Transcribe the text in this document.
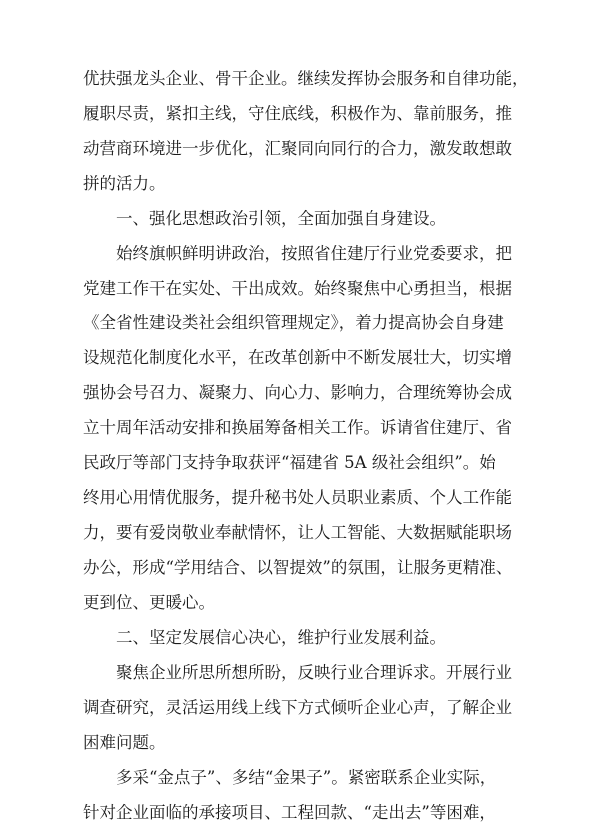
优扶强龙头企业、骨干企业。继续发挥协会服务和自律功能，
履职尽责，紧扣主线，守住底线，积极作为、靠前服务，推
动营商环境进一步优化，汇聚同向同行的合力，激发敢想敢
拼的活力。
　　一、强化思想政治引领，全面加强自身建设。
　　始终旗帜鲜明讲政治，按照省住建厅行业党委要求，把
党建工作干在实处、干出成效。始终聚焦中心勇担当，根据
《全省性建设类社会组织管理规定》，着力提高协会自身建
设规范化制度化水平，在改革创新中不断发展壮大，切实增
强协会号召力、凝聚力、向心力、影响力，合理统筹协会成
立十周年活动安排和换届筹备相关工作。诉请省住建厅、省
民政厅等部门支持争取获评“福建省 5A 级社会组织”。始
终用心用情优服务，提升秘书处人员职业素质、个人工作能
力，要有爱岗敬业奉献情怀，让人工智能、大数据赋能职场
办公，形成“学用结合、以智提效”的氛围，让服务更精准、
更到位、更暖心。
　　二、坚定发展信心决心，维护行业发展利益。
　　聚焦企业所思所想所盼，反映行业合理诉求。开展行业
调查研究，灵活运用线上线下方式倾听企业心声，了解企业
困难问题。
　　多采“金点子”、多结“金果子”。紧密联系企业实际，
针对企业面临的承接项目、工程回款、“走出去”等困难，
